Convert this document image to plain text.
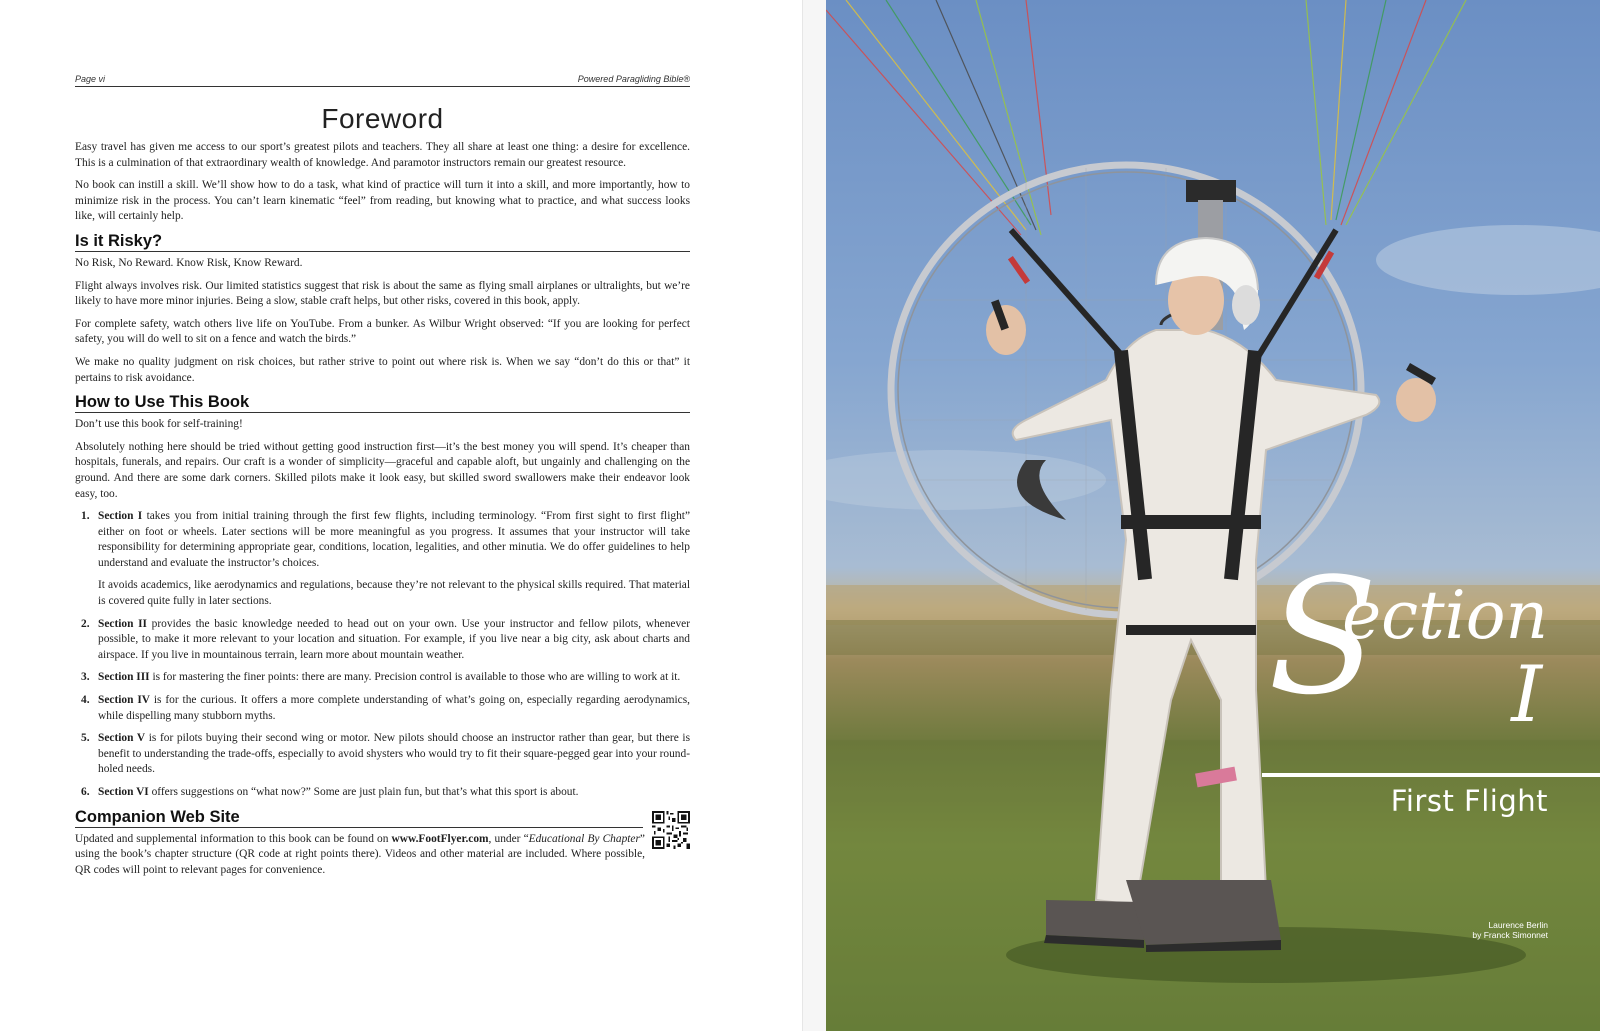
Page vi	Powered Paragliding Bible®
Foreword

Easy travel has given me access to our sport’s greatest pilots and teachers. They all share at least one thing: a desire for excellence. This is a culmination of that extraordinary wealth of knowledge. And paramotor instructors remain our greatest resource.

No book can instill a skill. We’ll show how to do a task, what kind of practice will turn it into a skill, and more importantly, how to minimize risk in the process. You can’t learn kinematic “feel” from reading, but knowing what to practice, and what success looks like, will certainly help.

Is it Risky?

No Risk, No Reward. Know Risk, Know Reward.

Flight always involves risk. Our limited statistics suggest that risk is about the same as flying small airplanes or ultralights, but we’re likely to have more minor injuries. Being a slow, stable craft helps, but other risks, covered in this book, apply.

For complete safety, watch others live life on YouTube. From a bunker. As Wilbur Wright observed: “If you are looking for perfect safety, you will do well to sit on a fence and watch the birds.”

We make no quality judgment on risk choices, but rather strive to point out where risk is. When we say “don’t do this or that” it pertains to risk avoidance.

How to Use This Book

Don’t use this book for self-training!

Absolutely nothing here should be tried without getting good instruction first—it’s the best money you will spend. It’s cheaper than hospitals, funerals, and repairs. Our craft is a wonder of simplicity—graceful and capable aloft, but ungainly and challenging on the ground. And there are some dark corners. Skilled pilots make it look easy, but skilled sword swallowers make their endeavor look easy, too.

1. Section I takes you from initial training through the first few flights, including terminology. “From first sight to first flight” either on foot or wheels. Later sections will be more meaningful as you progress. It assumes that your instructor will take responsibility for determining appropriate gear, conditions, location, legalities, and other minutia. We do offer guidelines to help understand and evaluate the instructor’s choices.

It avoids academics, like aerodynamics and regulations, because they’re not relevant to the physical skills required. That material is covered quite fully in later sections.

2. Section II provides the basic knowledge needed to head out on your own. Use your instructor and fellow pilots, whenever possible, to make it more relevant to your location and situation. For example, if you live near a big city, ask about charts and airspace. If you live in mountainous terrain, learn more about mountain weather.

3. Section III is for mastering the finer points: there are many. Precision control is available to those who are willing to work at it.

4. Section IV is for the curious. It offers a more complete understanding of what’s going on, especially regarding aerodynamics, while dispelling many stubborn myths.

5. Section V is for pilots buying their second wing or motor. New pilots should choose an instructor rather than gear, but there is benefit to understanding the trade-offs, especially to avoid shysters who would try to fit their square-pegged gear into your round-holed needs.

6. Section VI offers suggestions on “what now?” Some are just plain fun, but that’s what this sport is about.

Companion Web Site

Updated and supplemental information to this book can be found on www.FootFlyer.com, under “Educational By Chapter” using the book’s chapter structure (QR code at right points there). Videos and other material are included. Where possible, QR codes will point to relevant pages for convenience.

S
ection
I
First Flight
Laurence Berlin
by Franck Simonnet
